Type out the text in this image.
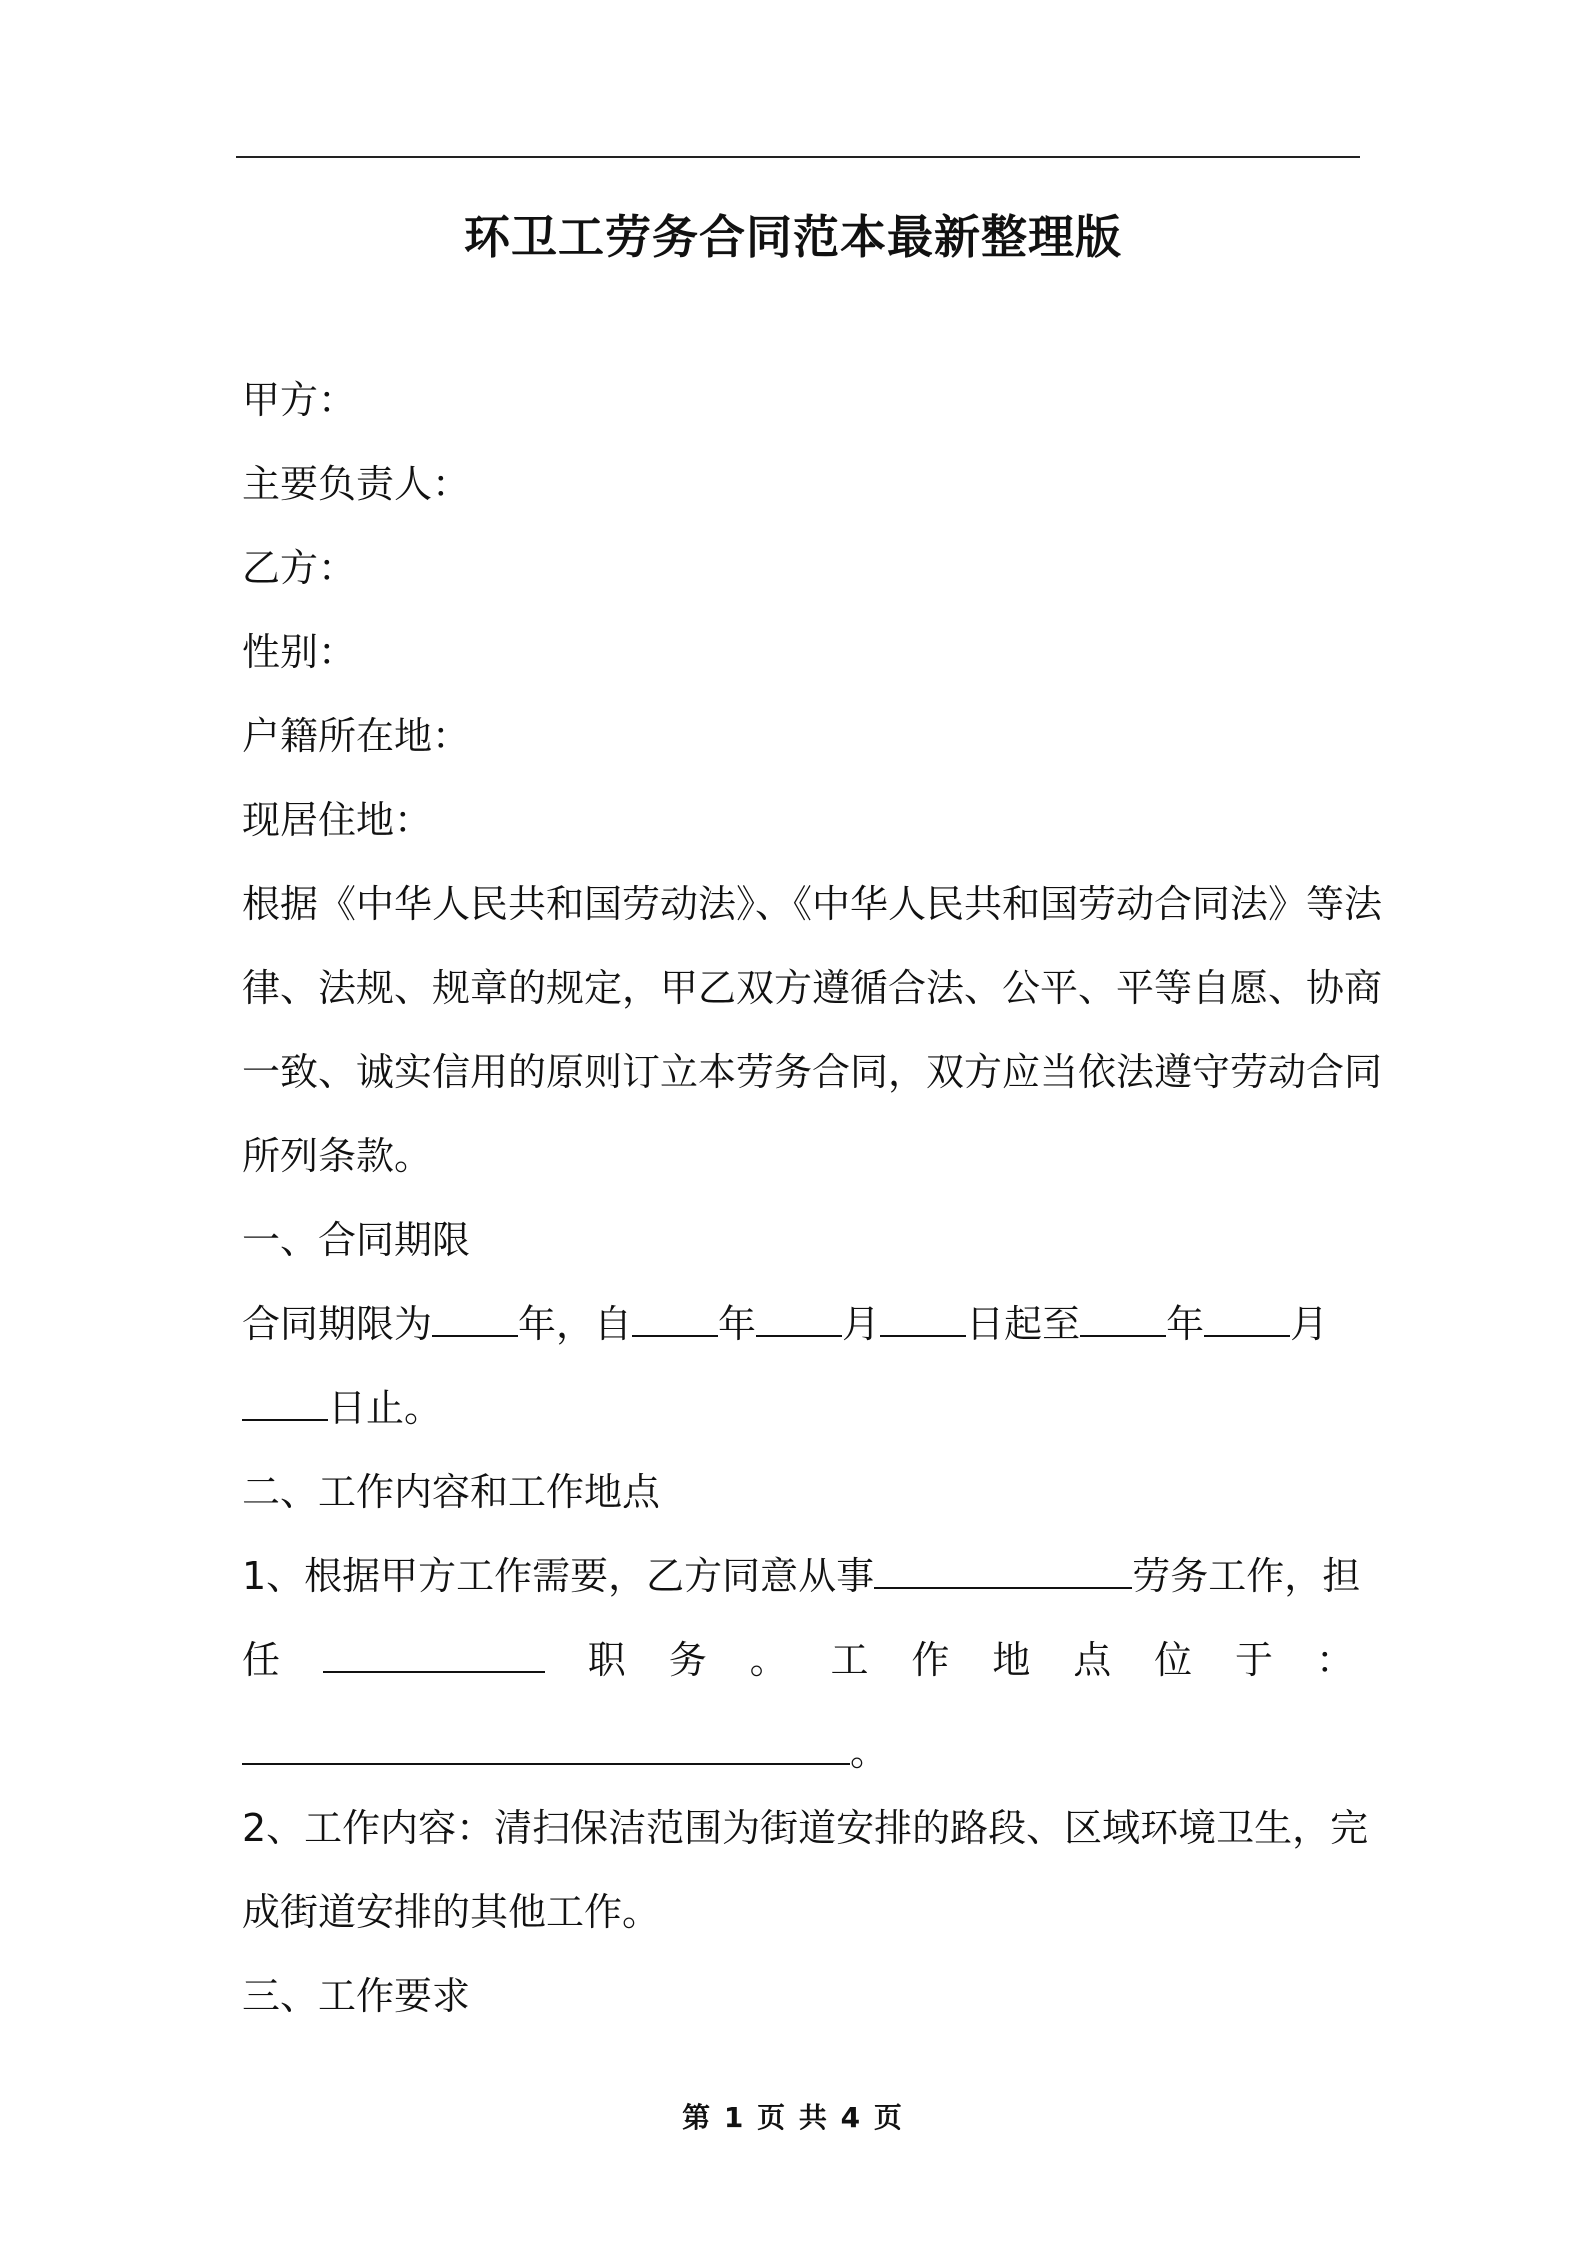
环卫工劳务合同范本最新整理版
甲方：
主要负责人：
乙方：
性别：
户籍所在地：
现居住地：
根据《中华人民共和国劳动法》、《中华人民共和国劳动合同法》等法
律、法规、规章的规定，甲乙双方遵循合法、公平、平等自愿、协商
一致、诚实信用的原则订立本劳务合同，双方应当依法遵守劳动合同
所列条款。
一、合同期限
合同期限为 年，自 年 月 日起至 年 月
日止。
二、工作内容和工作地点
1、根据甲方工作需要，乙方同意从事	劳务工作，担
任	职 务 。 工 作 地 点 位 于 ：
。
2、工作内容：清扫保洁范围为街道安排的路段、区域环境卫生，完
成街道安排的其他工作。
三、工作要求
第 1 页 共 4 页
